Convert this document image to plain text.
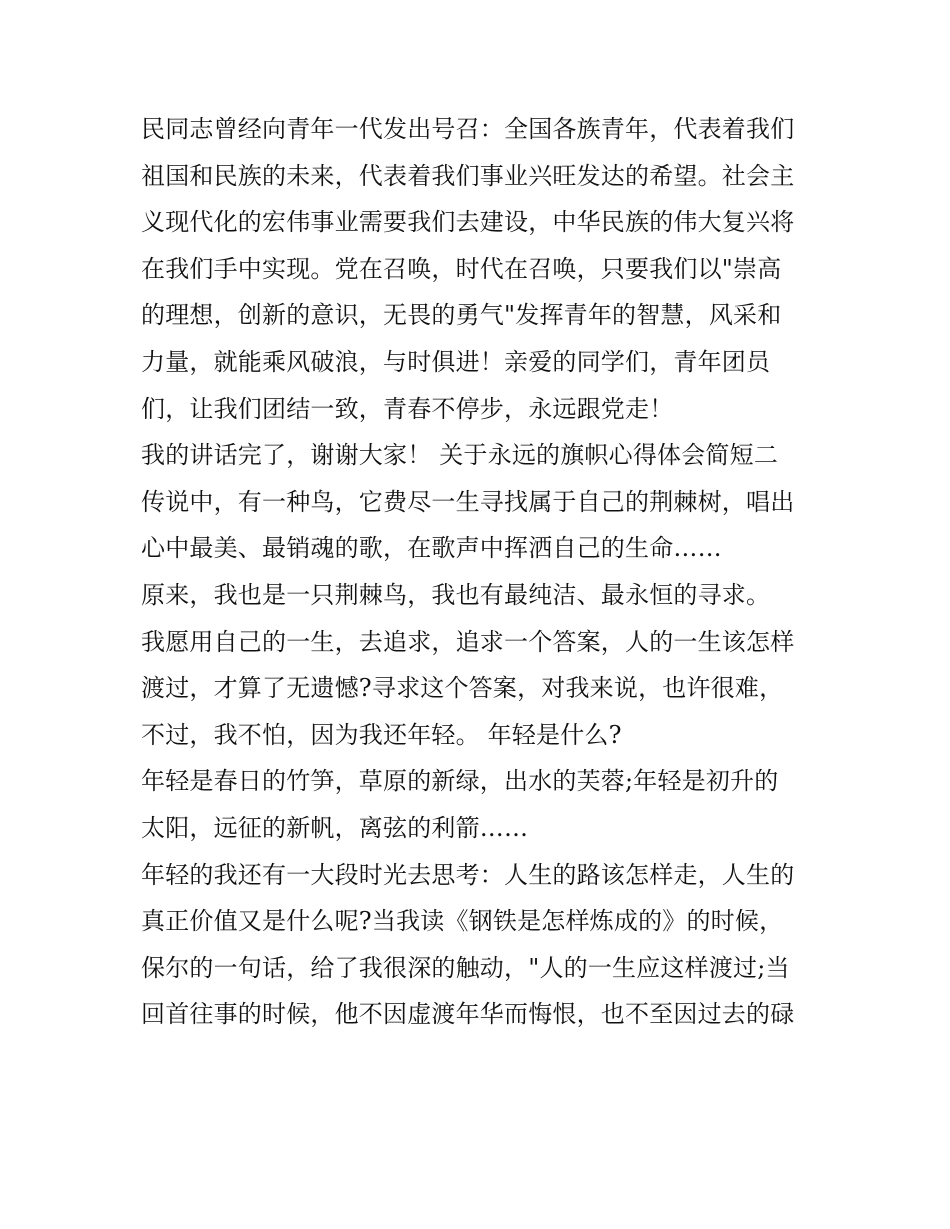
民同志曾经向青年一代发出号召：全国各族青年，代表着我们
祖国和民族的未来，代表着我们事业兴旺发达的希望。社会主
义现代化的宏伟事业需要我们去建设，中华民族的伟大复兴将
在我们手中实现。党在召唤，时代在召唤，只要我们以"崇高
的理想，创新的意识，无畏的勇气"发挥青年的智慧，风采和
力量，就能乘风破浪，与时俱进！亲爱的同学们，青年团员
们，让我们团结一致，青春不停步，永远跟党走！
我的讲话完了，谢谢大家！ 关于永远的旗帜心得体会简短二
传说中，有一种鸟，它费尽一生寻找属于自己的荆棘树，唱出
心中最美、最销魂的歌，在歌声中挥洒自己的生命……
原来，我也是一只荆棘鸟，我也有最纯洁、最永恒的寻求。
我愿用自己的一生，去追求，追求一个答案，人的一生该怎样
渡过，才算了无遗憾?寻求这个答案，对我来说，也许很难，
不过，我不怕，因为我还年轻。 年轻是什么?
年轻是春日的竹笋，草原的新绿，出水的芙蓉;年轻是初升的
太阳，远征的新帆，离弦的利箭……
年轻的我还有一大段时光去思考：人生的路该怎样走，人生的
真正价值又是什么呢?当我读《钢铁是怎样炼成的》的时候，
保尔的一句话，给了我很深的触动，"人的一生应这样渡过;当
回首往事的时候，他不因虚渡年华而悔恨，也不至因过去的碌
